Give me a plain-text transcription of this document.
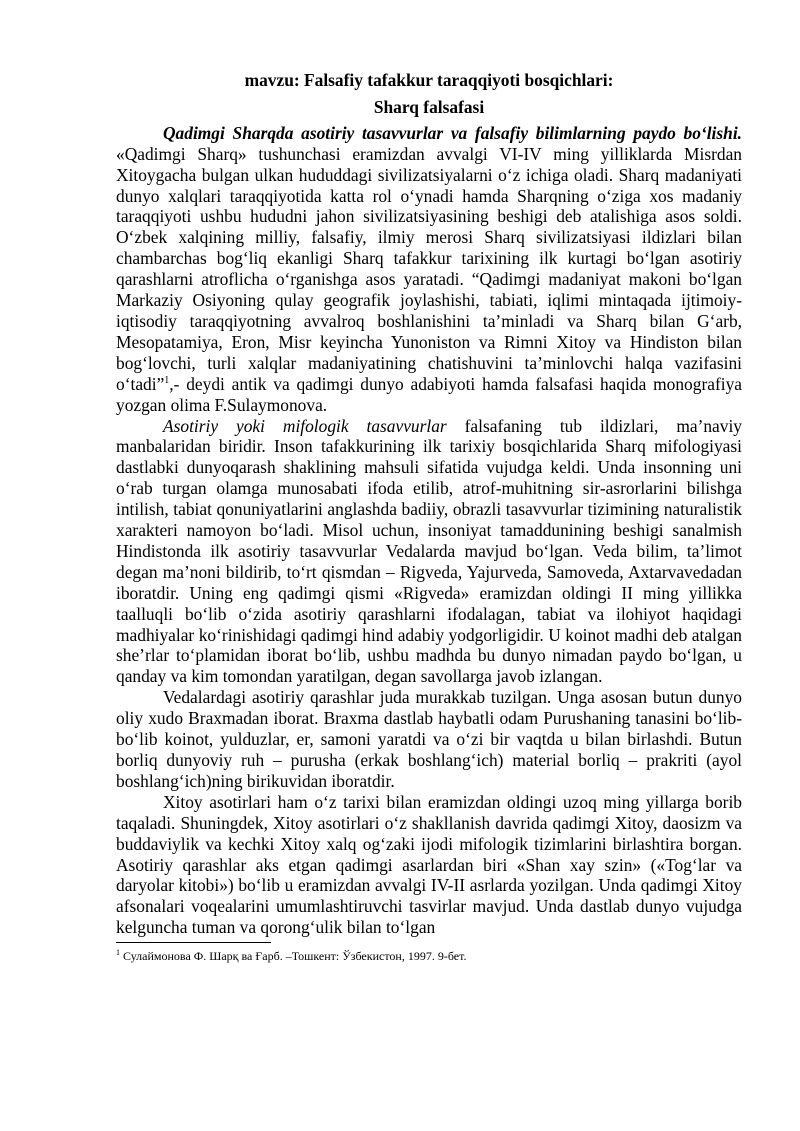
mavzu: Falsafiy tafakkur taraqqiyoti bosqichlari:
Sharq falsafasi

Qadimgi Sharqda asotiriy tasavvurlar va falsafiy bilimlarning paydo bo‘lishi. «Qadimgi Sharq» tushunchasi eramizdan avvalgi VI-IV ming yilliklarda Misrdan Xitoygacha bulgan ulkan hududdagi sivilizatsiyalarni o‘z ichiga oladi. Sharq madaniyati dunyo xalqlari taraqqiyotida katta rol o‘ynadi hamda Sharqning o‘ziga xos madaniy taraqqiyoti ushbu hududni jahon sivilizatsiyasining beshigi deb atalishiga asos soldi. O‘zbek xalqining milliy, falsafiy, ilmiy merosi Sharq sivilizatsiyasi ildizlari bilan chambarchas bog‘liq ekanligi Sharq tafakkur tarixining ilk kurtagi bo‘lgan asotiriy qarashlarni atroflicha o‘rganishga asos yaratadi. “Qadimgi madaniyat makoni bo‘lgan Markaziy Osiyoning qulay geografik joylashishi, tabiati, iqlimi mintaqada ijtimoiy-iqtisodiy taraqqiyotning avvalroq boshlanishini ta’minladi va Sharq bilan G‘arb, Mesopatamiya, Eron, Misr keyincha Yunoniston va Rimni Xitoy va Hindiston bilan bog‘lovchi, turli xalqlar madaniyatining chatishuvini ta’minlovchi halqa vazifasini o‘tadi”$^1$,- deydi antik va qadimgi dunyo adabiyoti hamda falsafasi haqida monografiya yozgan olima F.Sulaymonova.

Asotiriy yoki mifologik tasavvurlar falsafaning tub ildizlari, ma’naviy manbalaridan biridir. Inson tafakkurining ilk tarixiy bosqichlarida Sharq mifologiyasi dastlabki dunyoqarash shaklining mahsuli sifatida vujudga keldi. Unda insonning uni o‘rab turgan olamga munosabati ifoda etilib, atrof-muhitning sir-asrorlarini bilishga intilish, tabiat qonuniyatlarini anglashda badiiy, obrazli tasavvurlar tizimining naturalistik xarakteri namoyon bo‘ladi. Misol uchun, insoniyat tamaddunining beshigi sanalmish Hindistonda ilk asotiriy tasavvurlar Vedalarda mavjud bo‘lgan. Veda bilim, ta’limot degan ma’noni bildirib, to‘rt qismdan – Rigveda, Yajurveda, Samoveda, Axtarvavedadan iboratdir. Uning eng qadimgi qismi «Rigveda» eramizdan oldingi II ming yillikka taalluqli bo‘lib o‘zida asotiriy qarashlarni ifodalagan, tabiat va ilohiyot haqidagi madhiyalar ko‘rinishidagi qadimgi hind adabiy yodgorligidir. U koinot madhi deb atalgan she’rlar to‘plamidan iborat bo‘lib, ushbu madhda bu dunyo nimadan paydo bo‘lgan, u qanday va kim tomondan yaratilgan, degan savollarga javob izlangan.

Vedalardagi asotiriy qarashlar juda murakkab tuzilgan. Unga asosan butun dunyo oliy xudo Braxmadan iborat. Braxma dastlab haybatli odam Purushaning tanasini bo‘lib-bo‘lib koinot, yulduzlar, er, samoni yaratdi va o‘zi bir vaqtda u bilan birlashdi. Butun borliq dunyoviy ruh – purusha (erkak boshlang‘ich) material borliq – prakriti (ayol boshlang‘ich)ning birikuvidan iboratdir.

Xitoy asotirlari ham o‘z tarixi bilan eramizdan oldingi uzoq ming yillarga borib taqaladi. Shuningdek, Xitoy asotirlari o‘z shakllanish davrida qadimgi Xitoy, daosizm va buddaviylik va kechki Xitoy xalq og‘zaki ijodi mifologik tizimlarini birlashtira borgan. Asotiriy qarashlar aks etgan qadimgi asarlardan biri «Shan xay szin» («Tog‘lar va daryolar kitobi») bo‘lib u eramizdan avvalgi IV-II asrlarda yozilgan. Unda qadimgi Xitoy afsonalari voqealarini umumlashtiruvchi tasvirlar mavjud. Unda dastlab dunyo vujudga kelguncha tuman va qorong‘ulik bilan to‘lgan

$^1$ Сулаймонова Ф. Шарқ ва Ғарб. –Тошкент: Ўзбекистон, 1997. 9-бет.
